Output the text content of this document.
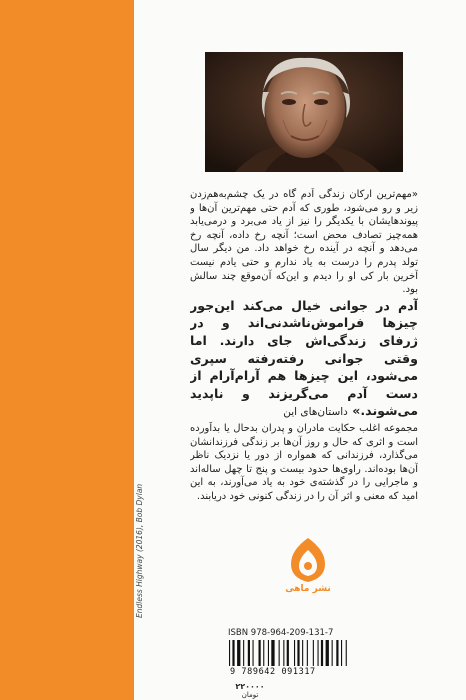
«مهم‌ترین ارکان زندگی آدم گاه در یک چشم‌به‌هم‌زدن زیر و رو می‌شود، طوری که آدم حتی مهم‌ترین آن‌ها و پیوندهایشان با یکدیگر را نیز از یاد می‌برد و درمی‌یابد همه‌چیز تصادف محض است؛ آنچه رخ داده، آنچه رخ می‌دهد و آنچه در آینده رخ خواهد داد. من دیگر سال تولد پدرم را درست به یاد ندارم و حتی یادم نیست آخرین بار کی او را دیدم و این‌که آن‌موقع چند سالش بود.

آدم در جوانی خیال می‌کند این‌جور چیزها فراموش‌ناشدنی‌اند و در ژرفای زندگی‌اش جای دارند. اما وقتی جوانی رفته‌رفته سپری می‌شود، این چیزها هم آرام‌آرام از دست آدم می‌گریزند و ناپدید می‌شوند.» داستان‌های این

مجموعه اغلب حکایت مادران و پدران بدحال یا بداَورده است و اثری که حال و روز آن‌ها بر زندگی فرزندانشان می‌گذارد، فرزندانی که همواره از دور یا نزدیک ناظر آن‌ها بوده‌اند. راوی‌ها حدود بیست و پنج تا چهل ساله‌اند و ماجرایی را در گذشته‌ی خود به یاد می‌آورند، به این امید که معنی و اثر آن را در زندگی کنونی خود دریابند.

Endless Highway (2016), Bob Dylan	نشر ماهی
ISBN 978-964-209-131-7
9 789642 091317
۲۲۰۰۰۰
تومان
